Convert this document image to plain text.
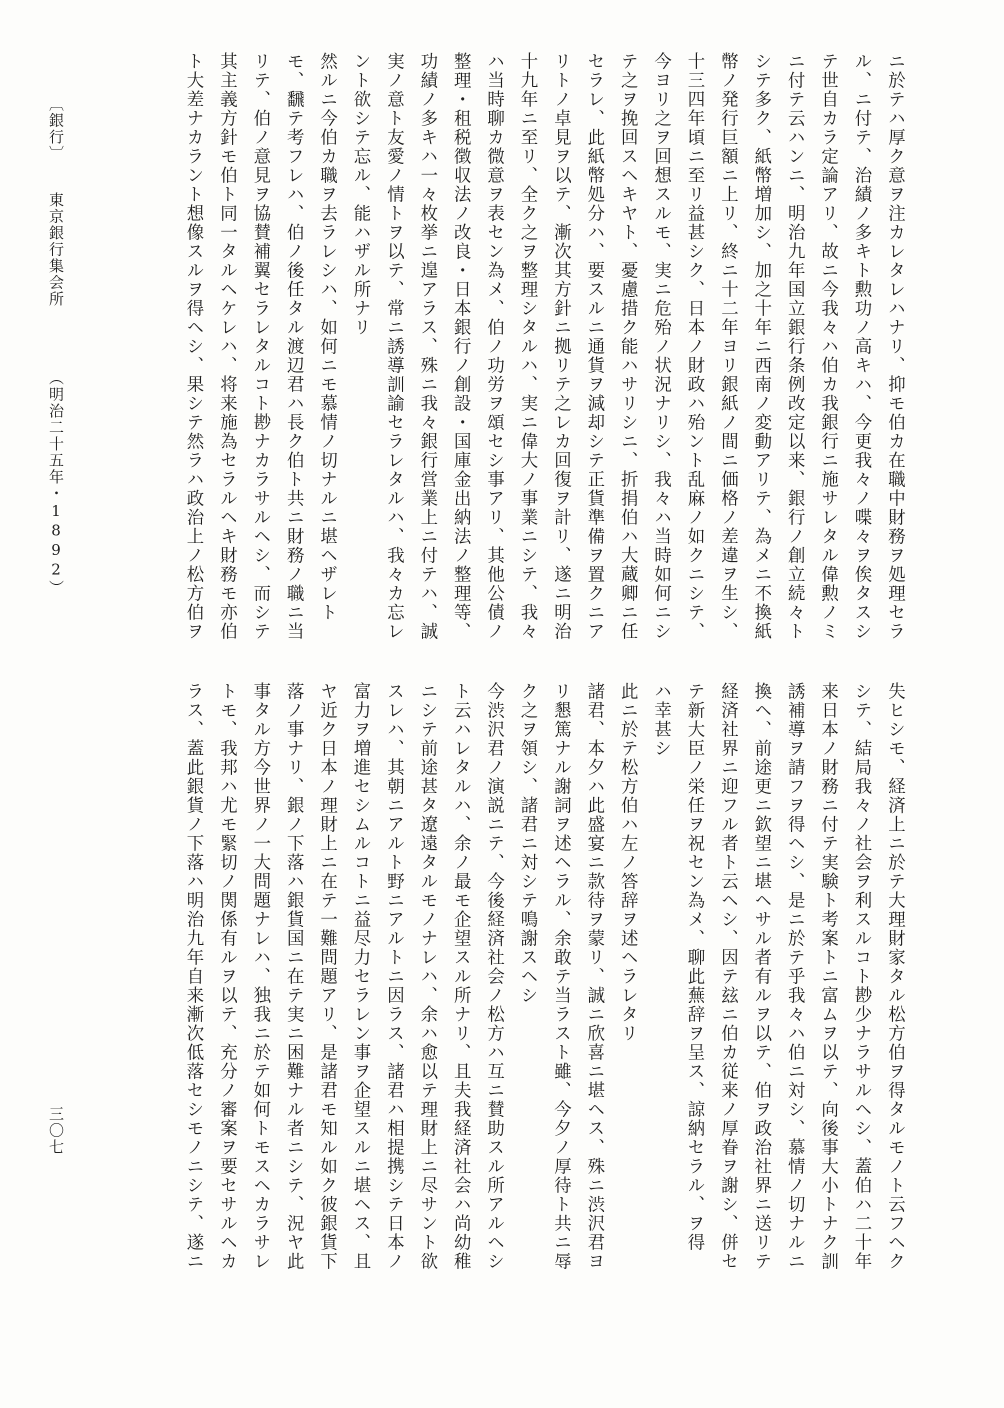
ニ於テハ厚ク意ヲ注カレタレハナリ、抑モ伯カ在職中財務ヲ処理セラ
ル、ニ付テ、治績ノ多キト勲功ノ高キハ、今更我々ノ喋々ヲ俟タスシ
テ世自カラ定論アリ、故ニ今我々ハ伯カ我銀行ニ施サレタル偉勲ノミ
ニ付テ云ハンニ、明治九年国立銀行条例改定以来、銀行ノ創立続々ト
シテ多ク、紙幣増加シ、加之十年ニ西南ノ変動アリテ、為メニ不換紙
幣ノ発行巨額ニ上リ、終ニ十二年ヨリ銀紙ノ間ニ価格ノ差違ヲ生シ、
十三四年頃ニ至リ益甚シク、日本ノ財政ハ殆ント乱麻ノ如クニシテ、
今ヨリ之ヲ回想スルモ、実ニ危殆ノ状況ナリシ、我々ハ当時如何ニシ
テ之ヲ挽回スヘキヤト、憂慮措ク能ハサリシニ、折捐伯ハ大蔵卿ニ任
セラレ、此紙幣処分ハ、要スルニ通貨ヲ減却シテ正貨準備ヲ置クニア
リトノ卓見ヲ以テ、漸次其方針ニ拠リテ之レカ回復ヲ計リ、遂ニ明治
十九年ニ至リ、全ク之ヲ整理シタルハ、実ニ偉大ノ事業ニシテ、我々
ハ当時聊カ微意ヲ表セン為メ、伯ノ功労ヲ頌セシ事アリ、其他公債ノ
整理・租税徴収法ノ改良・日本銀行ノ創設・国庫金出納法ノ整理等、
功績ノ多キハ一々枚挙ニ遑アラス、殊ニ我々銀行営業上ニ付テハ、誠
実ノ意ト友愛ノ情トヲ以テ、常ニ誘導訓諭セラレタルハ、我々カ忘レ
ント欲シテ忘ル、能ハザル所ナリ
然ルニ今伯カ職ヲ去ラレシハ、如何ニモ慕情ノ切ナルニ堪ヘザレト
モ、飜テ考フレハ、伯ノ後任タル渡辺君ハ長ク伯ト共ニ財務ノ職ニ当
リテ、伯ノ意見ヲ協賛補翼セラレタルコト尠ナカラサルヘシ、而シテ
其主義方針モ伯ト同一タルヘケレハ、将来施為セラルヘキ財務モ亦伯
ト大差ナカラント想像スルヲ得ヘシ、果シテ然ラハ政治上ノ松方伯ヲ
失ヒシモ、経済上ニ於テ大理財家タル松方伯ヲ得タルモノト云フヘク
シテ、結局我々ノ社会ヲ利スルコト尠少ナラサルヘシ、蓋伯ハ二十年
来日本ノ財務ニ付テ実験ト考案トニ富ムヲ以テ、向後事大小トナク訓
誘補導ヲ請フヲ得ヘシ、是ニ於テ乎我々ハ伯ニ対シ、慕情ノ切ナルニ
換ヘ、前途更ニ欽望ニ堪ヘサル者有ルヲ以テ、伯ヲ政治社界ニ送リテ
経済社界ニ迎フル者ト云ヘシ、因テ玆ニ伯カ従来ノ厚眷ヲ謝シ、併セ
テ新大臣ノ栄任ヲ祝セン為メ、聊此蕪辞ヲ呈ス、諒納セラル、ヲ得
ハ幸甚シ
此ニ於テ松方伯ハ左ノ答辞ヲ述ヘラレタリ
諸君、本夕ハ此盛宴ニ款待ヲ蒙リ、誠ニ欣喜ニ堪ヘス、殊ニ渋沢君ヨ
リ懇篤ナル謝詞ヲ述ヘラル、余敢テ当ラスト雖、今夕ノ厚待ト共ニ辱
ク之ヲ領シ、諸君ニ対シテ鳴謝スヘシ
今渋沢君ノ演説ニテ、今後経済社会ノ松方ハ互ニ賛助スル所アルヘシ
ト云ハレタルハ、余ノ最モ企望スル所ナリ、且夫我経済社会ハ尚幼稚
ニシテ前途甚タ遼遠タルモノナレハ、余ハ愈以テ理財上ニ尽サント欲
スレハ、其朝ニアルト野ニアルトニ因ラス、諸君ハ相提携シテ日本ノ
富力ヲ増進セシムルコトニ益尽力セラレン事ヲ企望スルニ堪ヘス、且
ヤ近ク日本ノ理財上ニ在テ一難問題アリ、是諸君モ知ル如ク彼銀貨下
落ノ事ナリ、銀ノ下落ハ銀貨国ニ在テ実ニ困難ナル者ニシテ、況ヤ此
事タル方今世界ノ一大問題ナレハ、独我ニ於テ如何トモスヘカラサレ
トモ、我邦ハ尤モ緊切ノ関係有ルヲ以テ、充分ノ審案ヲ要セサルヘカ
ラス、蓋此銀貨ノ下落ハ明治九年自来漸次低落セシモノニシテ、遂ニ
〔銀行〕
東京銀行集会所
（明治二十五年・1892）
三〇七
